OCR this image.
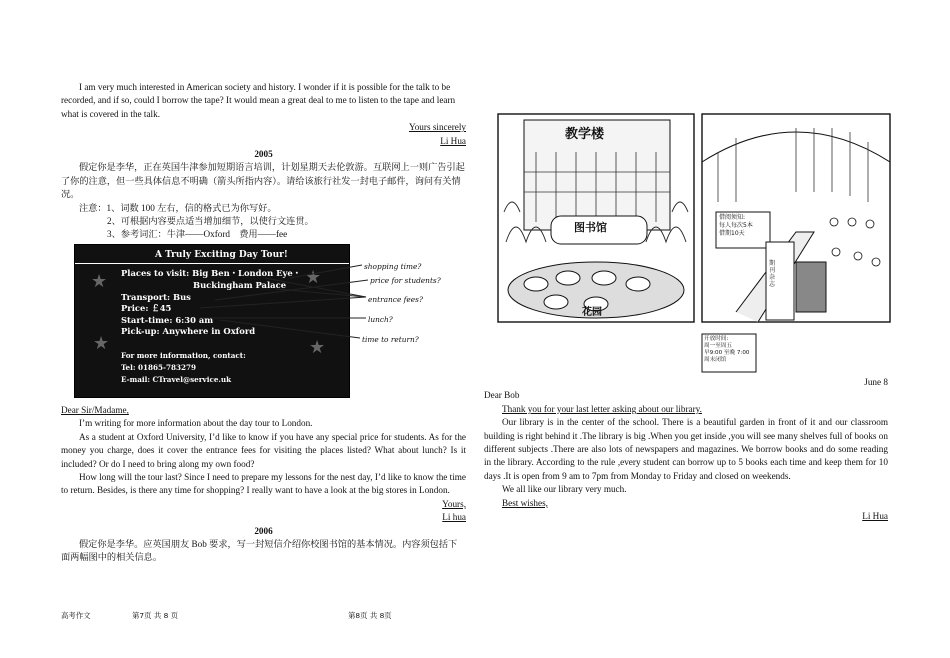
I am very much interested in American society and history. I wonder if it is possible for the talk to be recorded, and if so, could I borrow the tape? It would mean a great deal to me to listen to the tape and learn what is covered in the talk.

Yours sincerely

Li Hua

2005

假定你是李华，正在英国牛津参加短期语言培训，计划星期天去伦敦游。互联网上一则广告引起了你的注意，但一些具体信息不明确（箭头所指内容）。请给该旅行社发一封电子邮件，询问有关情况。

注意：1、词数 100 左右，信的格式已为你写好。

2、可根据内容要点适当增加细节，以使行文连贯。

3、参考词汇：牛津——Oxford　费用——fee

A Truly Exciting Day Tour!
Places to visit: Big Ben・London Eye・
Buckingham Palace
Transport: Bus
Price: ￡45
Start-time: 6:30 am
Pick-up: Anywhere in Oxford
For more information, contact:
Tel: 01865-783279
E-mail: CTravel@service.uk
★	★
★	★
shopping time?
price for students?
entrance fees?
lunch?
time to return?

Dear Sir/Madame,

I’m writing for more information about the day tour to London.

As a student at Oxford University, I’d like to know if you have any special price for students. As for the money you charge, does it cover the entrance fees for visiting the places listed? What about lunch? Is it included? Or do I need to bring along my own food?

How long will the tour last? Since I need to prepare my lessons for the nest day, I’d like to know the time to return. Besides, is there any time for shopping? I really want to have a look at the big stores in London.

Yours,

Li hua

2006

假定你是李华。应英国朋友 Bob 要求，写一封短信介绍你校图书馆的基本情况。内容须包括下面两幅图中的相关信息。

教学楼
图书馆
花园
借阅须知:
每人每次5本
借期10天
期刊杂志
开放时间:
周一至周五
早9:00 至晚 7:00
周末闭馆

June 8

Dear Bob

Thank you for your last letter asking about our library.

Our library is in the center of the school. There is a beautiful garden in front of it and our classroom building is right behind it .The library is big .When you get inside ,you will see many shelves full of books on different subjects .There are also lots of newspapers and magazines. We borrow books and do some reading in the library. According to the rule ,every student can borrow up to 5 books each time and keep them for 10 days .It is open from 9 am to 7pm from Monday to Friday and closed on weekends.

We all like our library very much.

Best wishes,

Li Hua

高考作文	第7页 共 8 页	第8页 共 8页
